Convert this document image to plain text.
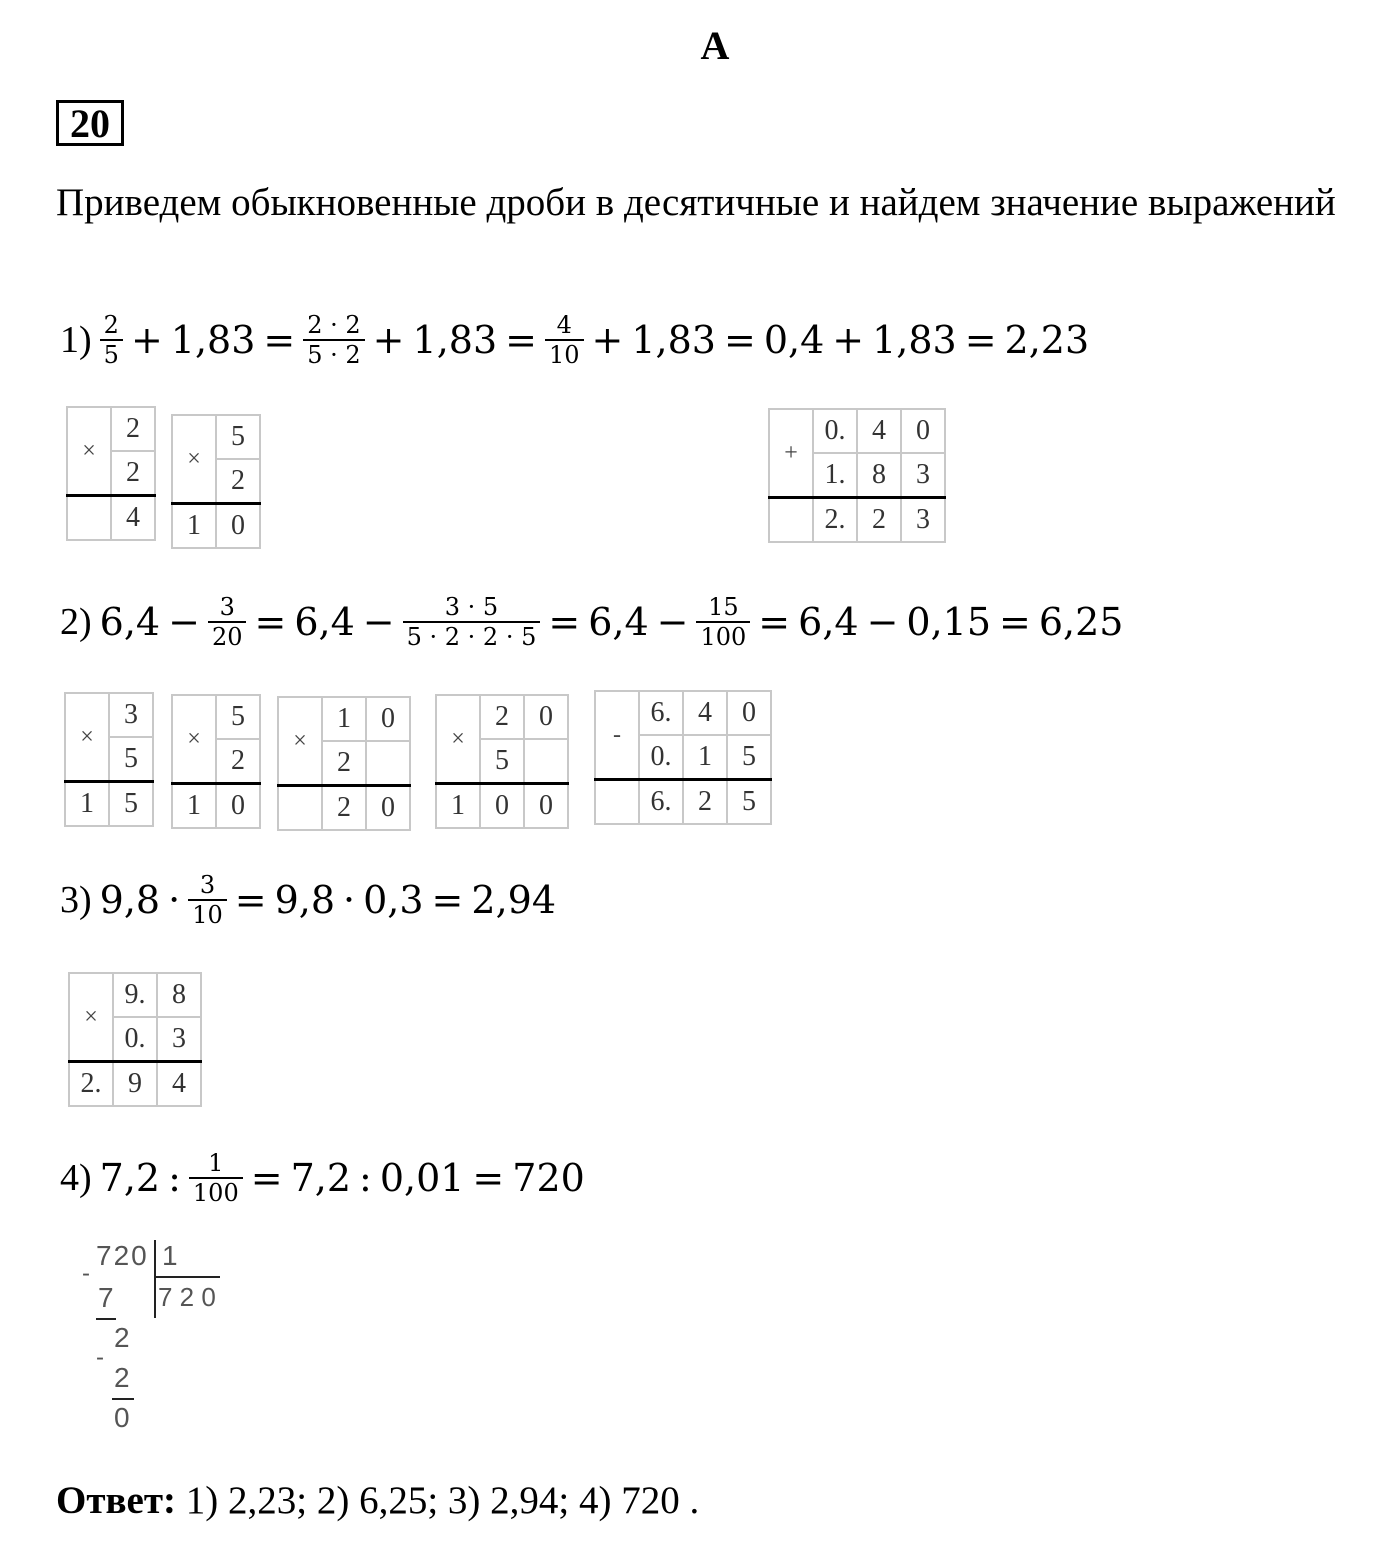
А
20
Приведем обыкновенные дроби в десятичные и найдем значение выражений
$1) \frac{2}{5} + 1,83 = \frac{2 \cdot 2}{5 \cdot 2} + 1,83 = \frac{4}{10} + 1,83 = 0,4 + 1,83 = 2,23$
×	2
	2
	4
×	5
	2
1	0
+	0.	4	0
	1.	8	3
	2.	2	3
2) $6,4 - \frac{3}{20} = 6,4 - \frac{3 \cdot 5}{5 \cdot 2 \cdot 2 \cdot 5} = 6,4 - \frac{15}{100} = 6,4 - 0,15 = 6,25$
×	3
	5
1	5
×	5
	2
1	0
×	1	0
	2	
	2	0
×	2	0
	5	
1	0	0
-	6.	4	0
	0.	1	5
	6.	2	5
3) $9,8 \cdot \frac{3}{10} = 9,8 \cdot 0,3 = 2,94$
×	9.	8
	0.	3
2.	9	4
4) 7,2 : $\frac{1}{100} = 7,2$ : 0,01 = 720
720 1
7 2 0
-
7
2
-
2
0
Ответ: 1) 2,23; 2) 6,25; 3) 2,94; 4) 720 .
